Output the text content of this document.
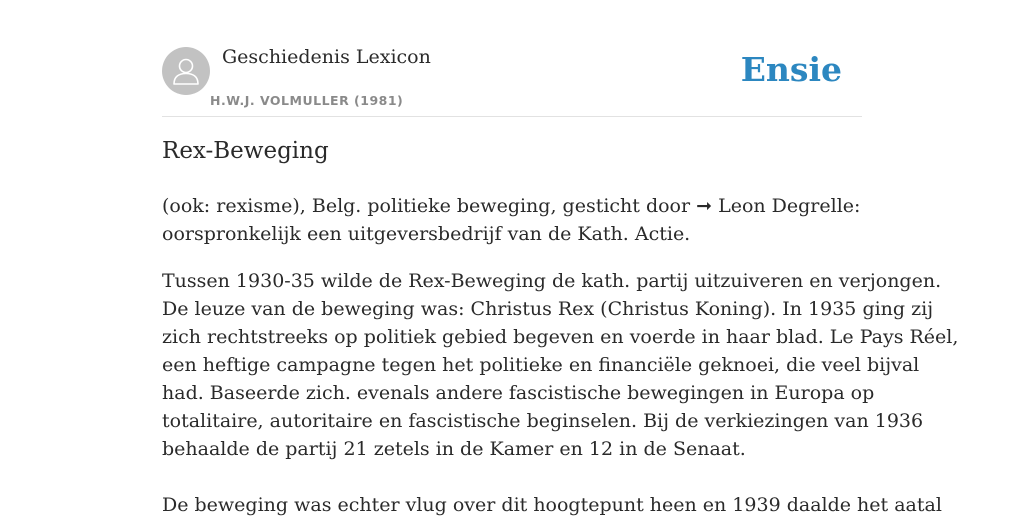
Geschiedenis Lexicon
H.W.J. VOLMULLER (1981)
Ensie
Rex-Beweging

(ook: rexisme), Belg. politieke beweging, gesticht door ➞ Leon Degrelle:
oorspronkelijk een uitgeversbedrijf van de Kath. Actie.

Tussen 1930-35 wilde de Rex-Beweging de kath. partij uitzuiveren en verjongen.
De leuze van de beweging was: Christus Rex (Christus Koning). In 1935 ging zij
zich rechtstreeks op politiek gebied begeven en voerde in haar blad. Le Pays Réel,
een heftige campagne tegen het politieke en financiële geknoei, die veel bijval
had. Baseerde zich. evenals andere fascistische bewegingen in Europa op
totalitaire, autoritaire en fascistische beginselen. Bij de verkiezingen van 1936
behaalde de partij 21 zetels in de Kamer en 12 in de Senaat.

De beweging was echter vlug over dit hoogtepunt heen en 1939 daalde het aatal
